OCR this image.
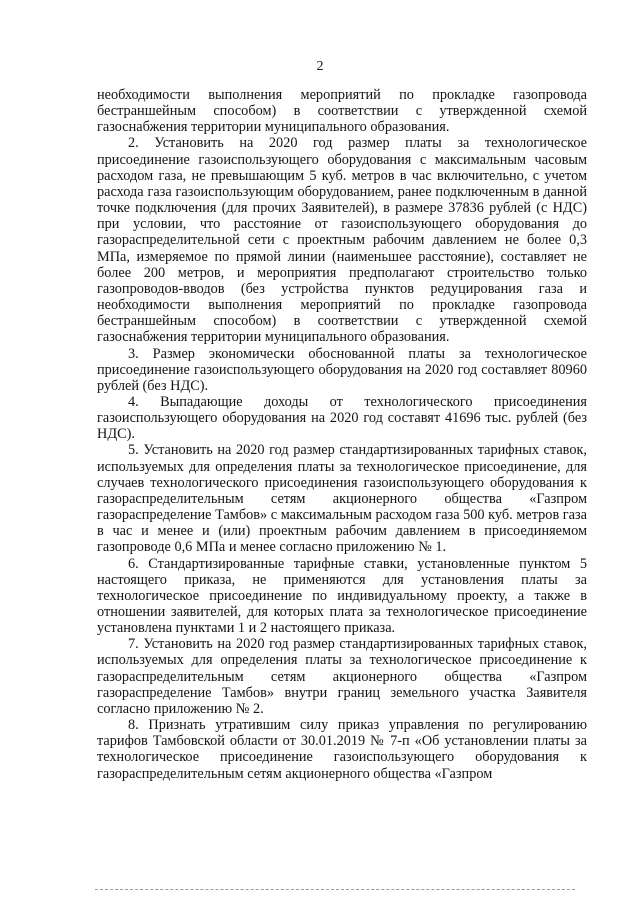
2

необходимости выполнения мероприятий по прокладке газопровода бестраншейным способом) в соответствии с утвержденной схемой газоснабжения территории муниципального образования.

2. Установить на 2020 год размер платы за технологическое присоединение газоиспользующего оборудования с максимальным часовым расходом газа, не превышающим 5 куб. метров в час включительно, с учетом расхода газа газоиспользующим оборудованием, ранее подключенным в данной точке подключения (для прочих Заявителей), в размере 37836 рублей (с НДС) при условии, что расстояние от газоиспользующего оборудования до газораспределительной сети с проектным рабочим давлением не более 0,3 МПа, измеряемое по прямой линии (наименьшее расстояние), составляет не более 200 метров, и мероприятия предполагают строительство только газопроводов-вводов (без устройства пунктов редуцирования газа и необходимости выполнения мероприятий по прокладке газопровода бестраншейным способом) в соответствии с утвержденной схемой газоснабжения территории муниципального образования.

3. Размер экономически обоснованной платы за технологическое присоединение газоиспользующего оборудования на 2020 год составляет 80960 рублей (без НДС).

4. Выпадающие доходы от технологического присоединения газоиспользующего оборудования на 2020 год составят 41696 тыс. рублей (без НДС).

5. Установить на 2020 год размер стандартизированных тарифных ставок, используемых для определения платы за технологическое присоединение, для случаев технологического присоединения газоиспользующего оборудования к газораспределительным сетям акционерного общества «Газпром газораспределение Тамбов» с максимальным расходом газа 500 куб. метров газа в час и менее и (или) проектным рабочим давлением в присоединяемом газопроводе 0,6 МПа и менее согласно приложению № 1.

6. Стандартизированные тарифные ставки, установленные пунктом 5 настоящего приказа, не применяются для установления платы за технологическое присоединение по индивидуальному проекту, а также в отношении заявителей, для которых плата за технологическое присоединение установлена пунктами 1 и 2 настоящего приказа.

7. Установить на 2020 год размер стандартизированных тарифных ставок, используемых для определения платы за технологическое присоединение к газораспределительным сетям акционерного общества «Газпром газораспределение Тамбов» внутри границ земельного участка Заявителя согласно приложению № 2.

8. Признать утратившим силу приказ управления по регулированию тарифов Тамбовской области от 30.01.2019 № 7-п «Об установлении платы за технологическое присоединение газоиспользующего оборудования к газораспределительным сетям акционерного общества «Газпром
